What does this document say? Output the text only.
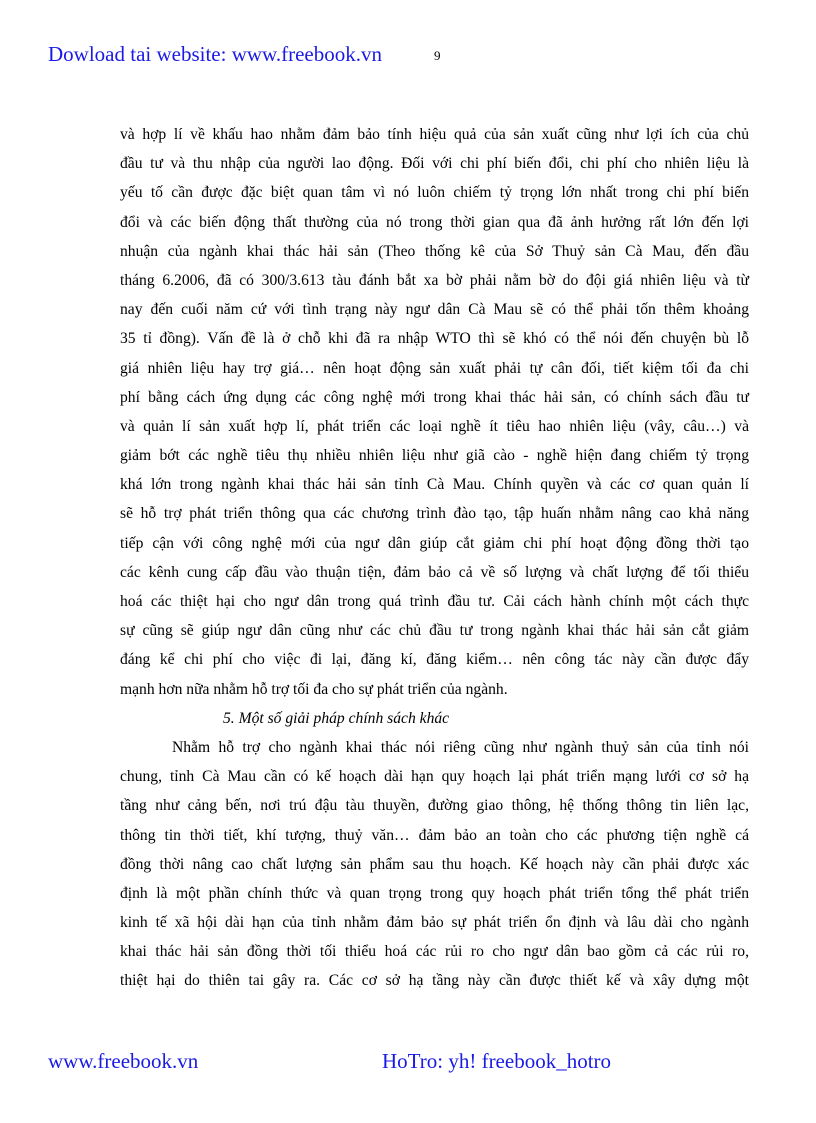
Dowload tai website: www.freebook.vn	9
và hợp lí về khấu hao nhằm đảm bảo tính hiệu quả của sản xuất cũng như lợi ích của chủ
đầu tư và thu nhập của người lao động. Đối với chi phí biến đổi, chi phí cho nhiên liệu là
yếu tố cần được đặc biệt quan tâm vì nó luôn chiếm tỷ trọng lớn nhất trong chi phí biến
đổi và các biến động thất thường của nó trong thời gian qua đã ảnh hưởng rất lớn đến lợi
nhuận của ngành khai thác hải sản (Theo thống kê của Sở Thuỷ sản Cà Mau, đến đầu
tháng 6.2006, đã có 300/3.613 tàu đánh bắt xa bờ phải nằm bờ do đội giá nhiên liệu và từ
nay đến cuối năm cứ với tình trạng này ngư dân Cà Mau sẽ có thể phải tốn thêm khoảng
35 tỉ đồng). Vấn đề là ở chỗ khi đã ra nhập WTO thì sẽ khó có thể nói đến chuyện bù lỗ
giá nhiên liệu hay trợ giá… nên hoạt động sản xuất phải tự cân đối, tiết kiệm tối đa chi
phí bằng cách ứng dụng các công nghệ mới trong khai thác hải sản, có chính sách đầu tư
và quản lí sản xuất hợp lí, phát triển các loại nghề ít tiêu hao nhiên liệu (vây, câu…) và
giảm bớt các nghề tiêu thụ nhiều nhiên liệu như giã cào - nghề hiện đang chiếm tỷ trọng
khá lớn trong ngành khai thác hải sản tỉnh Cà Mau. Chính quyền và các cơ quan quản lí
sẽ hỗ trợ phát triển thông qua các chương trình đào tạo, tập huấn nhằm nâng cao khả năng
tiếp cận với công nghệ mới của ngư dân giúp cắt giảm chi phí hoạt động đồng thời tạo
các kênh cung cấp đầu vào thuận tiện, đảm bảo cả về số lượng và chất lượng để tối thiểu
hoá các thiệt hại cho ngư dân trong quá trình đầu tư. Cải cách hành chính một cách thực
sự cũng sẽ giúp ngư dân cũng như các chủ đầu tư trong ngành khai thác hải sản cắt giảm
đáng kể chi phí cho việc đi lại, đăng kí, đăng kiểm… nên công tác này cần được đẩy
mạnh hơn nữa nhằm hỗ trợ tối đa cho sự phát triển của ngành.
5. Một số giải pháp chính sách khác
Nhằm hỗ trợ cho ngành khai thác nói riêng cũng như ngành thuỷ sản của tỉnh nói
chung, tỉnh Cà Mau cần có kế hoạch dài hạn quy hoạch lại phát triển mạng lưới cơ sở hạ
tầng như cảng bến, nơi trú đậu tàu thuyền, đường giao thông, hệ thống thông tin liên lạc,
thông tin thời tiết, khí tượng, thuỷ văn… đảm bảo an toàn cho các phương tiện nghề cá
đồng thời nâng cao chất lượng sản phẩm sau thu hoạch. Kế hoạch này cần phải được xác
định là một phần chính thức và quan trọng trong quy hoạch phát triển tổng thể phát triển
kinh tế xã hội dài hạn của tỉnh nhằm đảm bảo sự phát triển ổn định và lâu dài cho ngành
khai thác hải sản đồng thời tối thiểu hoá các rủi ro cho ngư dân bao gồm cả các rủi ro,
thiệt hại do thiên tai gây ra. Các cơ sở hạ tầng này cần được thiết kế và xây dựng một
www.freebook.vn	HoTro: yh! freebook_hotro
